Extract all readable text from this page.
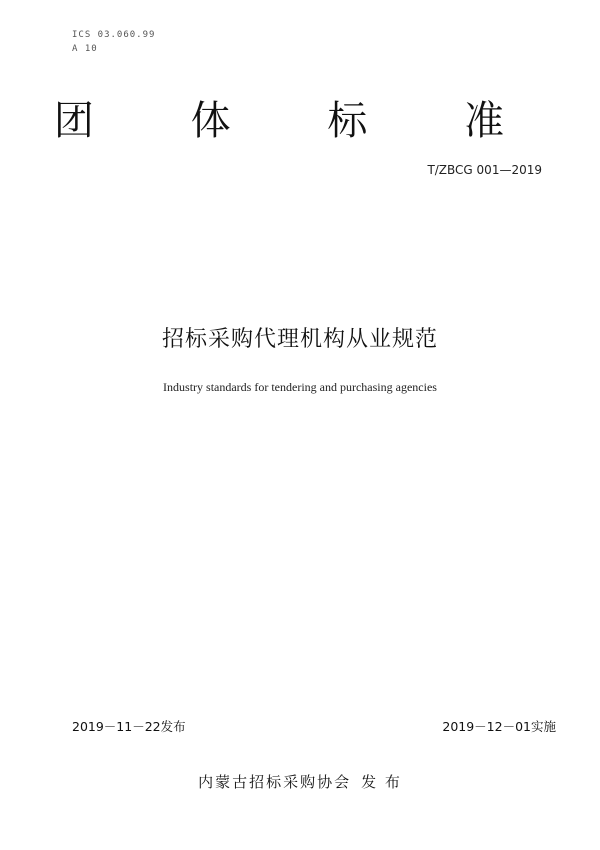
ICS 03.060.99
A 10
团 体 标 准
T/ZBCG 001—2019
招标采购代理机构从业规范
Industry standards for tendering and purchasing agencies
2019－11－22发布	2019－12－01实施
内蒙古招标采购协会 发 布
